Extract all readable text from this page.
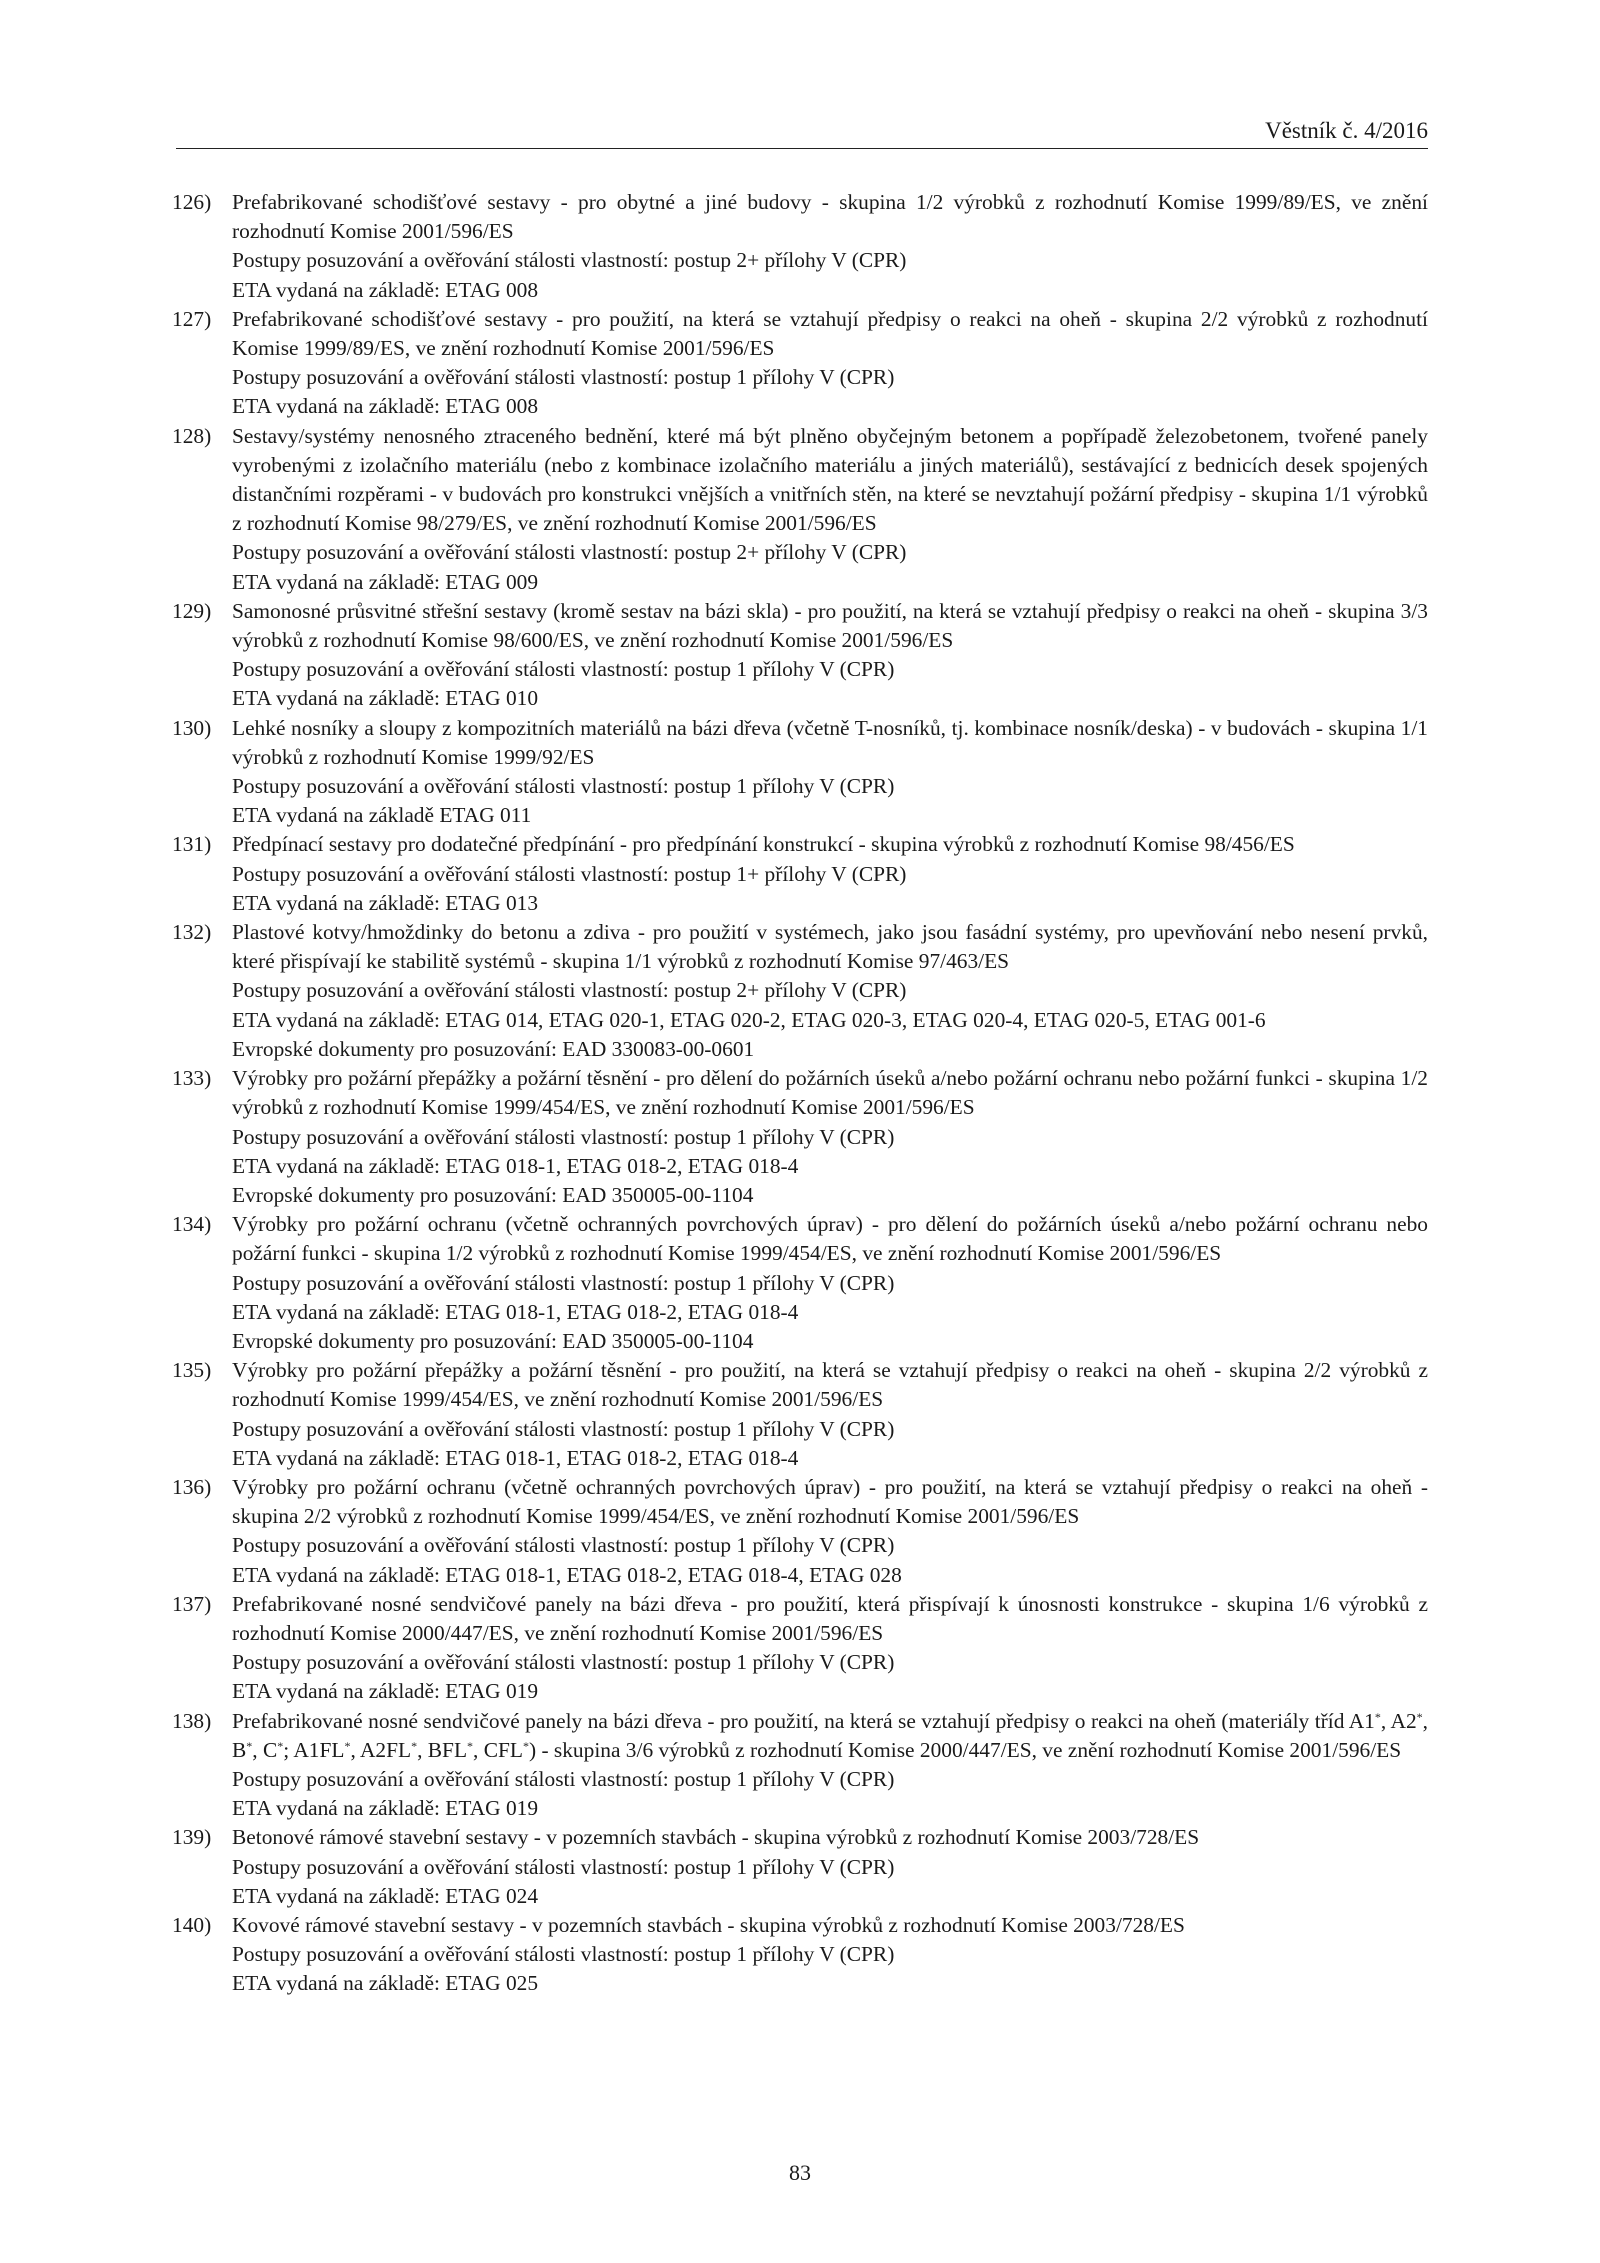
Věstník č. 4/2016
126) Prefabrikované schodišťové sestavy - pro obytné a jiné budovy - skupina 1/2 výrobků z rozhodnutí Komise 1999/89/ES, ve znění rozhodnutí Komise 2001/596/ES
Postupy posuzování a ověřování stálosti vlastností: postup 2+ přílohy V (CPR)
ETA vydaná na základě: ETAG 008
127) Prefabrikované schodišťové sestavy - pro použití, na která se vztahují předpisy o reakci na oheň - skupina 2/2 výrobků z rozhodnutí Komise 1999/89/ES, ve znění rozhodnutí Komise 2001/596/ES
Postupy posuzování a ověřování stálosti vlastností: postup 1 přílohy V (CPR)
ETA vydaná na základě: ETAG 008
128) Sestavy/systémy nenosného ztraceného bednění, které má být plněno obyčejným betonem a popřípadě železobetonem, tvořené panely vyrobenými z izolačního materiálu (nebo z kombinace izolačního materiálu a jiných materiálů), sestávající z bednicích desek spojených distančními rozpěrami - v budovách pro konstrukci vnějších a vnitřních stěn, na které se nevztahují požární předpisy - skupina 1/1 výrobků z rozhodnutí Komise 98/279/ES, ve znění rozhodnutí Komise 2001/596/ES
Postupy posuzování a ověřování stálosti vlastností: postup 2+ přílohy V (CPR)
ETA vydaná na základě: ETAG 009
129) Samonosné průsvitné střešní sestavy (kromě sestav na bázi skla) - pro použití, na která se vztahují předpisy o reakci na oheň - skupina 3/3 výrobků z rozhodnutí Komise 98/600/ES, ve znění rozhodnutí Komise 2001/596/ES
Postupy posuzování a ověřování stálosti vlastností: postup 1 přílohy V (CPR)
ETA vydaná na základě: ETAG 010
130) Lehké nosníky a sloupy z kompozitních materiálů na bázi dřeva (včetně T-nosníků, tj. kombinace nosník/deska) - v budovách - skupina 1/1 výrobků z rozhodnutí Komise 1999/92/ES
Postupy posuzování a ověřování stálosti vlastností: postup 1 přílohy V (CPR)
ETA vydaná na základě ETAG 011
131) Předpínací sestavy pro dodatečné předpínání - pro předpínání konstrukcí - skupina výrobků z rozhodnutí Komise 98/456/ES
Postupy posuzování a ověřování stálosti vlastností: postup 1+ přílohy V (CPR)
ETA vydaná na základě: ETAG 013
132) Plastové kotvy/hmoždinky do betonu a zdiva - pro použití v systémech, jako jsou fasádní systémy, pro upevňování nebo nesení prvků, které přispívají ke stabilitě systémů - skupina 1/1 výrobků z rozhodnutí Komise 97/463/ES
Postupy posuzování a ověřování stálosti vlastností: postup 2+ přílohy V (CPR)
ETA vydaná na základě: ETAG 014, ETAG 020-1, ETAG 020-2, ETAG 020-3, ETAG 020-4, ETAG 020-5, ETAG 001-6
Evropské dokumenty pro posuzování: EAD 330083-00-0601
133) Výrobky pro požární přepážky a požární těsnění - pro dělení do požárních úseků a/nebo požární ochranu nebo požární funkci - skupina 1/2 výrobků z rozhodnutí Komise 1999/454/ES, ve znění rozhodnutí Komise 2001/596/ES
Postupy posuzování a ověřování stálosti vlastností: postup 1 přílohy V (CPR)
ETA vydaná na základě: ETAG 018-1, ETAG 018-2, ETAG 018-4
Evropské dokumenty pro posuzování: EAD 350005-00-1104
134) Výrobky pro požární ochranu (včetně ochranných povrchových úprav) - pro dělení do požárních úseků a/nebo požární ochranu nebo požární funkci - skupina 1/2 výrobků z rozhodnutí Komise 1999/454/ES, ve znění rozhodnutí Komise 2001/596/ES
Postupy posuzování a ověřování stálosti vlastností: postup 1 přílohy V (CPR)
ETA vydaná na základě: ETAG 018-1, ETAG 018-2, ETAG 018-4
Evropské dokumenty pro posuzování: EAD 350005-00-1104
135) Výrobky pro požární přepážky a požární těsnění - pro použití, na která se vztahují předpisy o reakci na oheň - skupina 2/2 výrobků z rozhodnutí Komise 1999/454/ES, ve znění rozhodnutí Komise 2001/596/ES
Postupy posuzování a ověřování stálosti vlastností: postup 1 přílohy V (CPR)
ETA vydaná na základě: ETAG 018-1, ETAG 018-2, ETAG 018-4
136) Výrobky pro požární ochranu (včetně ochranných povrchových úprav) - pro použití, na která se vztahují předpisy o reakci na oheň - skupina 2/2 výrobků z rozhodnutí Komise 1999/454/ES, ve znění rozhodnutí Komise 2001/596/ES
Postupy posuzování a ověřování stálosti vlastností: postup 1 přílohy V (CPR)
ETA vydaná na základě: ETAG 018-1, ETAG 018-2, ETAG 018-4, ETAG 028
137) Prefabrikované nosné sendvičové panely na bázi dřeva - pro použití, která přispívají k únosnosti konstrukce - skupina 1/6 výrobků z rozhodnutí Komise 2000/447/ES, ve znění rozhodnutí Komise 2001/596/ES
Postupy posuzování a ověřování stálosti vlastností: postup 1 přílohy V (CPR)
ETA vydaná na základě: ETAG 019
138) Prefabrikované nosné sendvičové panely na bázi dřeva - pro použití, na která se vztahují předpisy o reakci na oheň (materiály tříd A1*, A2*, B*, C*; A1FL*, A2FL*, BFL*, CFL*) - skupina 3/6 výrobků z rozhodnutí Komise 2000/447/ES, ve znění rozhodnutí Komise 2001/596/ES
Postupy posuzování a ověřování stálosti vlastností: postup 1 přílohy V (CPR)
ETA vydaná na základě: ETAG 019
139) Betonové rámové stavební sestavy - v pozemních stavbách - skupina výrobků z rozhodnutí Komise 2003/728/ES
Postupy posuzování a ověřování stálosti vlastností: postup 1 přílohy V (CPR)
ETA vydaná na základě: ETAG 024
140) Kovové rámové stavební sestavy - v pozemních stavbách - skupina výrobků z rozhodnutí Komise 2003/728/ES
Postupy posuzování a ověřování stálosti vlastností: postup 1 přílohy V (CPR)
ETA vydaná na základě: ETAG 025
83
